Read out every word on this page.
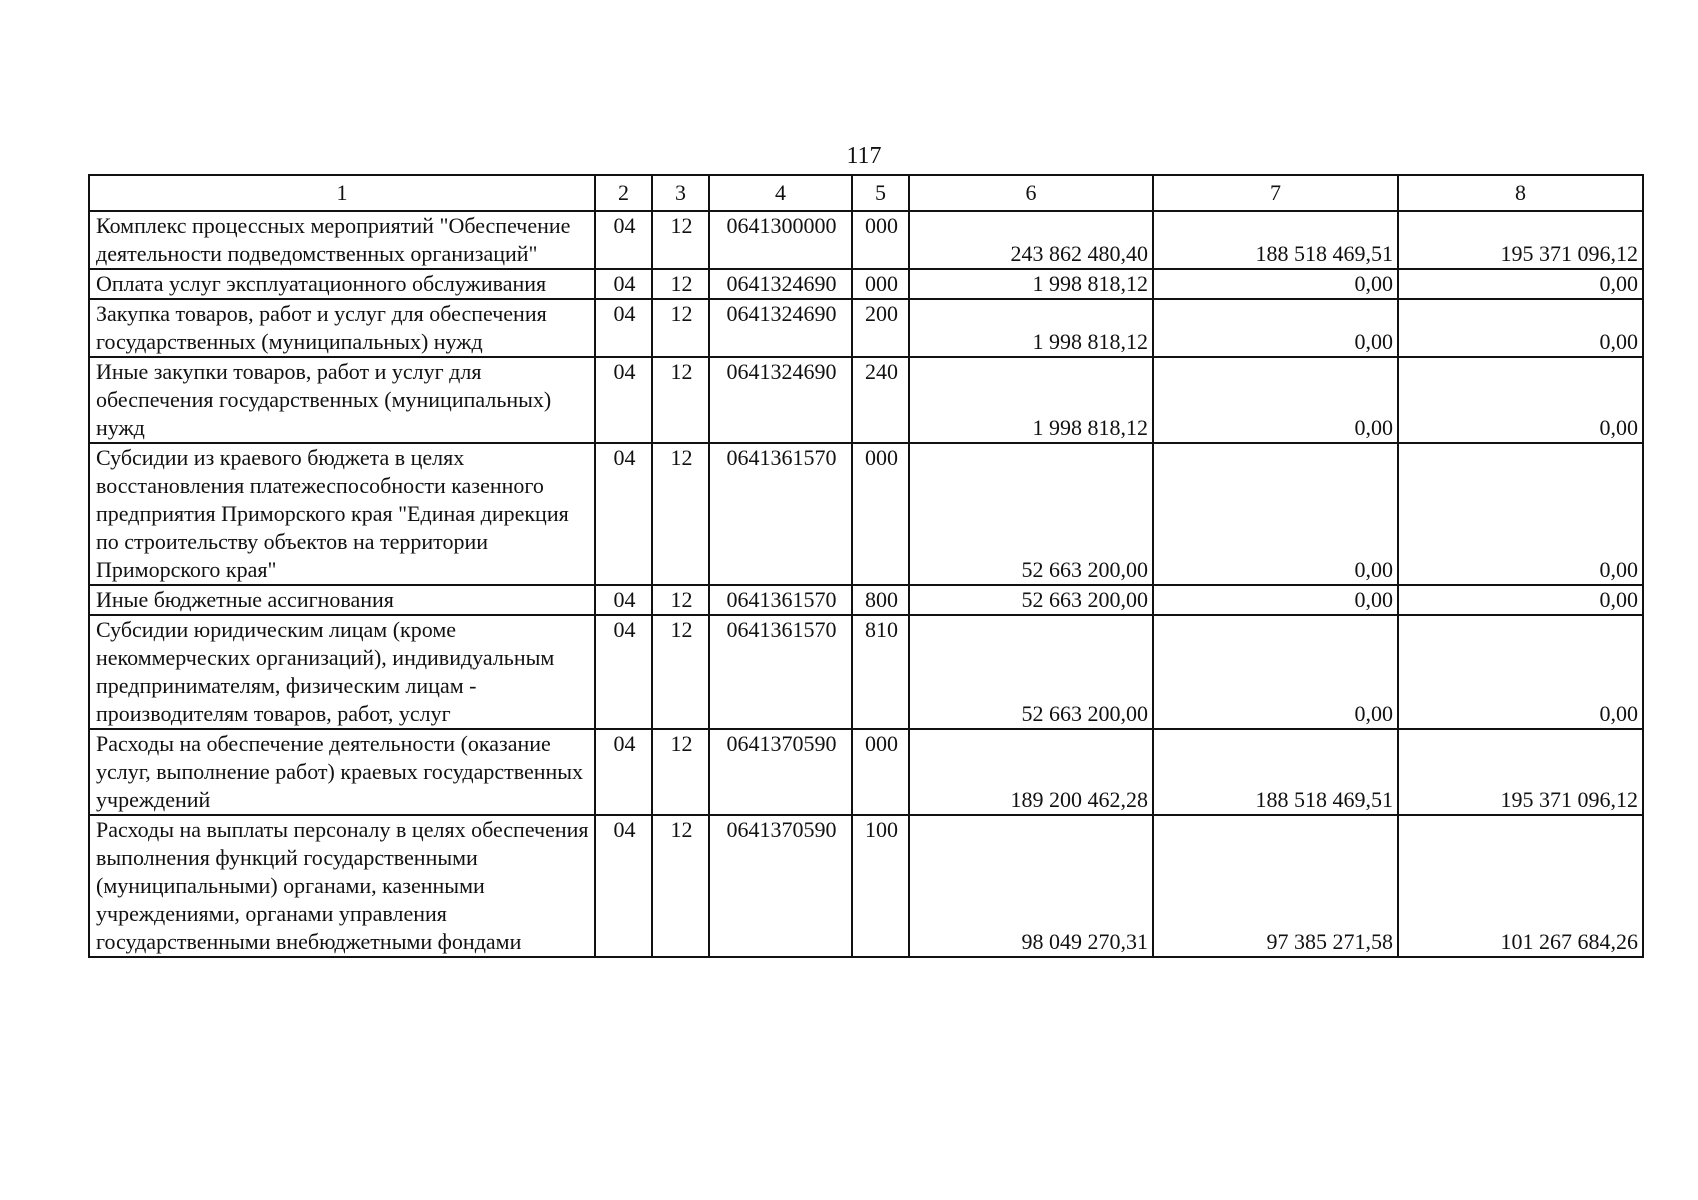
117
1	2	3	4	5	6	7	8
Комплекс процессных мероприятий "Обеспечение деятельности подведомственных организаций"	04	12	0641300000	000	243 862 480,40	188 518 469,51	195 371 096,12
Оплата услуг эксплуатационного обслуживания	04	12	0641324690	000	1 998 818,12	0,00	0,00
Закупка товаров, работ и услуг для обеспечения государственных (муниципальных) нужд	04	12	0641324690	200	1 998 818,12	0,00	0,00
Иные закупки товаров, работ и услуг для обеспечения государственных (муниципальных) нужд	04	12	0641324690	240	1 998 818,12	0,00	0,00
Субсидии из краевого бюджета в целях восстановления платежеспособности казенного предприятия Приморского края "Единая дирекция по строительству объектов на территории Приморского края"	04	12	0641361570	000	52 663 200,00	0,00	0,00
Иные бюджетные ассигнования	04	12	0641361570	800	52 663 200,00	0,00	0,00
Субсидии юридическим лицам (кроме некоммерческих организаций), индивидуальным предпринимателям, физическим лицам - производителям товаров, работ, услуг	04	12	0641361570	810	52 663 200,00	0,00	0,00
Расходы на обеспечение деятельности (оказание услуг, выполнение работ) краевых государственных учреждений	04	12	0641370590	000	189 200 462,28	188 518 469,51	195 371 096,12
Расходы на выплаты персоналу в целях обеспечения выполнения функций государственными (муниципальными) органами, казенными учреждениями, органами управления государственными внебюджетными фондами	04	12	0641370590	100	98 049 270,31	97 385 271,58	101 267 684,26
